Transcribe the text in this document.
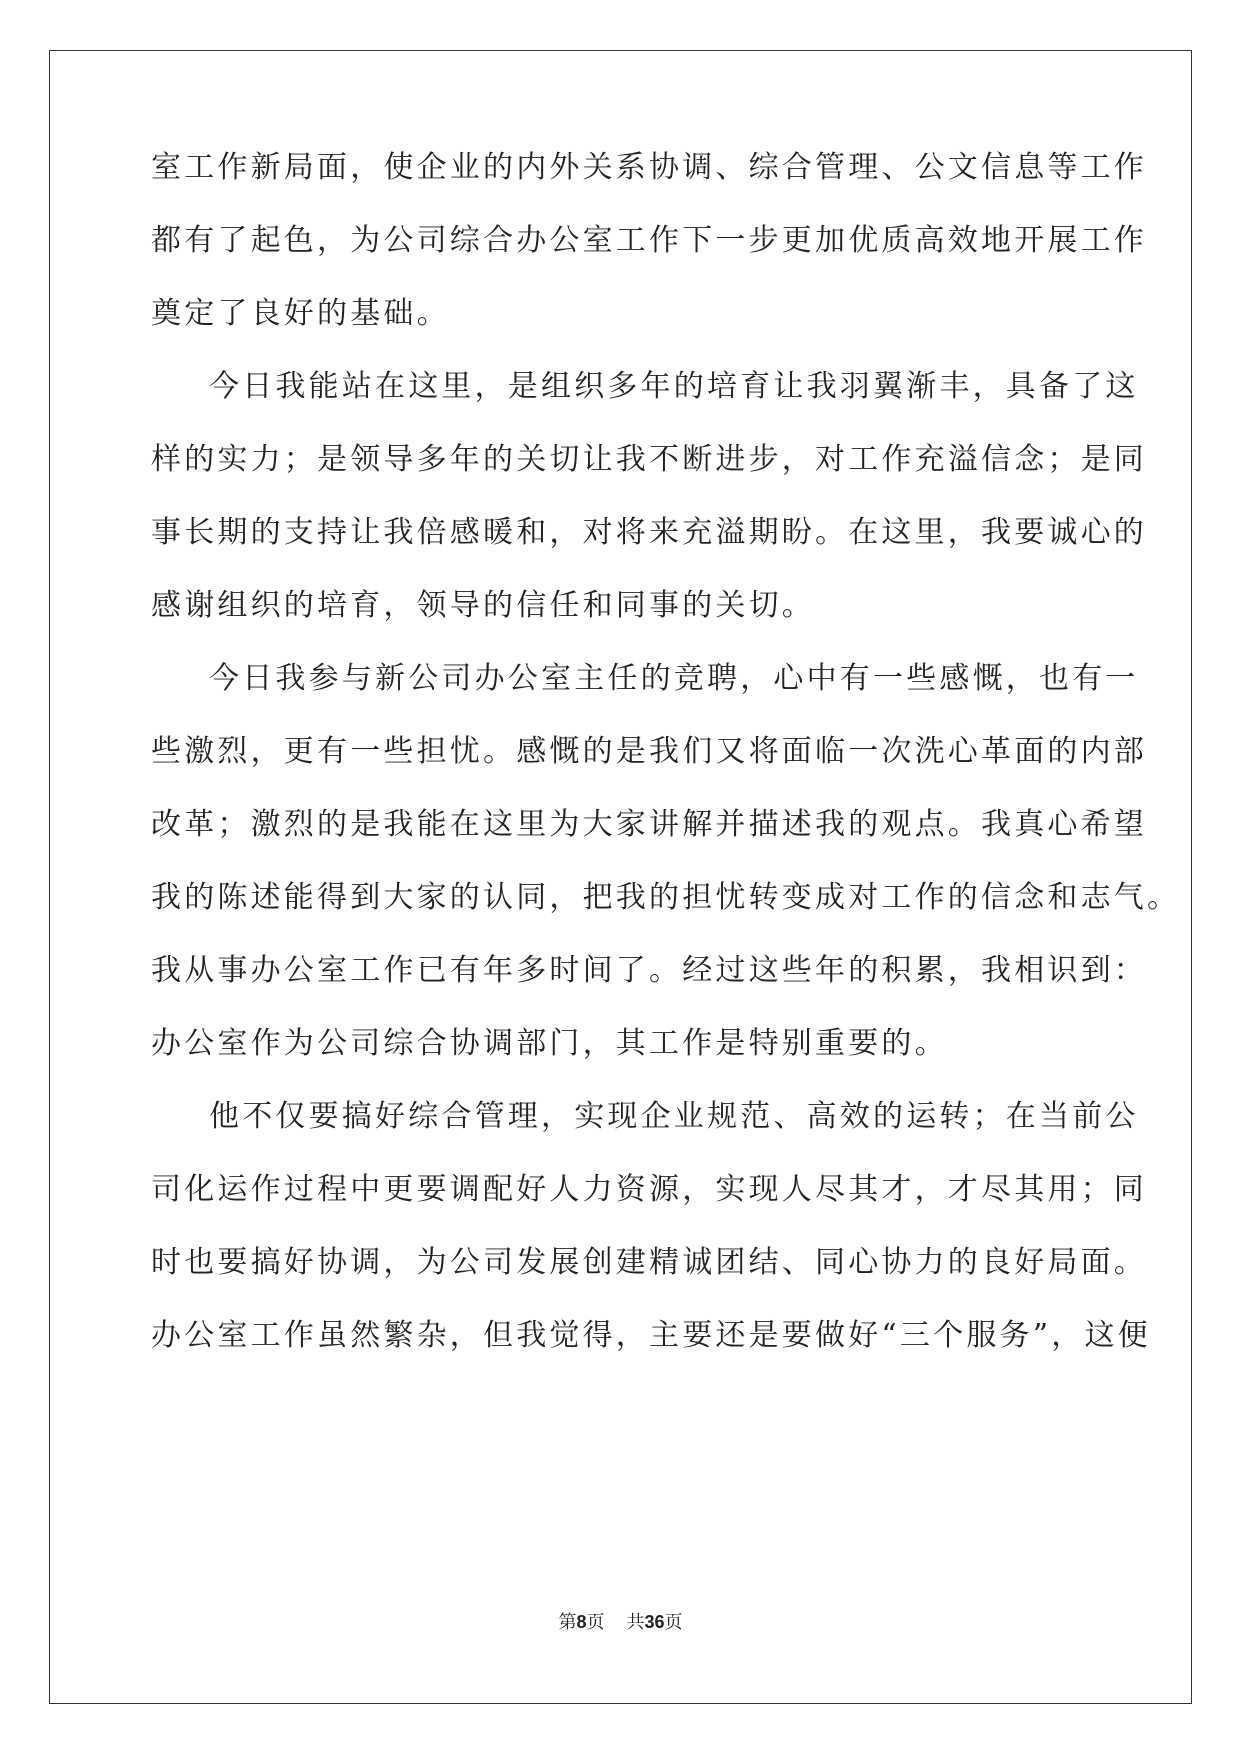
室工作新局面，使企业的内外关系协调、综合管理、公文信息等工作
都有了起色，为公司综合办公室工作下一步更加优质高效地开展工作
奠定了良好的基础。
今日我能站在这里，是组织多年的培育让我羽翼渐丰，具备了这
样的实力；是领导多年的关切让我不断进步，对工作充溢信念；是同
事长期的支持让我倍感暖和，对将来充溢期盼。在这里，我要诚心的
感谢组织的培育，领导的信任和同事的关切。
今日我参与新公司办公室主任的竞聘，心中有一些感慨，也有一
些激烈，更有一些担忧。感慨的是我们又将面临一次洗心革面的内部
改革；激烈的是我能在这里为大家讲解并描述我的观点。我真心希望
我的陈述能得到大家的认同，把我的担忧转变成对工作的信念和志气。
我从事办公室工作已有年多时间了。经过这些年的积累，我相识到：
办公室作为公司综合协调部门，其工作是特别重要的。
他不仅要搞好综合管理，实现企业规范、高效的运转；在当前公
司化运作过程中更要调配好人力资源，实现人尽其才，才尽其用；同
时也要搞好协调，为公司发展创建精诚团结、同心协力的良好局面。
办公室工作虽然繁杂，但我觉得，主要还是要做好“三个服务”，这便
第8页 共36页
